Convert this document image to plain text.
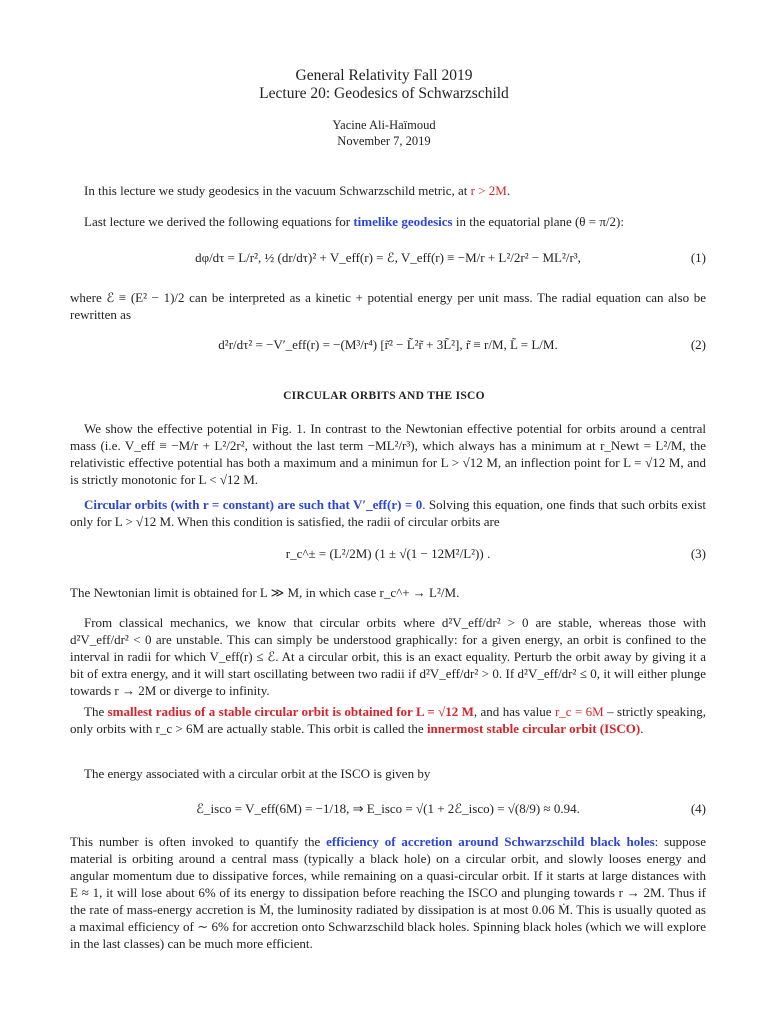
General Relativity Fall 2019

Lecture 20: Geodesics of Schwarzschild

Yacine Ali-Haïmoud

November 7, 2019

In this lecture we study geodesics in the vacuum Schwarzschild metric, at r > 2M.

Last lecture we derived the following equations for timelike geodesics in the equatorial plane (θ = π/2):

dφ/dτ = L/r², ½ (dr/dτ)² + V_eff(r) = ℰ, V_eff(r) ≡ −M/r + L²/2r² − ML²/r³,	(1)

where ℰ ≡ (E² − 1)/2 can be interpreted as a kinetic + potential energy per unit mass. The radial equation can also be rewritten as

d²r/dτ² = −V′_eff(r) = −(M³/r⁴) [r̃² − L̃²r̃ + 3L̃²], r̃ ≡ r/M, L̃ = L/M.	(2)

CIRCULAR ORBITS AND THE ISCO

We show the effective potential in Fig. 1. In contrast to the Newtonian effective potential for orbits around a central mass (i.e. V_eff ≡ −M/r + L²/2r², without the last term −ML²/r³), which always has a minimum at r_Newt = L²/M, the relativistic effective potential has both a maximum and a minimun for L > √12 M, an inflection point for L = √12 M, and is strictly monotonic for L < √12 M.

Circular orbits (with r = constant) are such that V′_eff(r) = 0. Solving this equation, one finds that such orbits exist only for L > √12 M. When this condition is satisfied, the radii of circular orbits are

r_c^± = (L²/2M) (1 ± √(1 − 12M²/L²)) .	(3)

The Newtonian limit is obtained for L ≫ M, in which case r_c^+ → L²/M.

From classical mechanics, we know that circular orbits where d²V_eff/dr² > 0 are stable, whereas those with d²V_eff/dr² < 0 are unstable. This can simply be understood graphically: for a given energy, an orbit is confined to the interval in radii for which V_eff(r) ≤ ℰ. At a circular orbit, this is an exact equality. Perturb the orbit away by giving it a bit of extra energy, and it will start oscillating between two radii if d²V_eff/dr² > 0. If d²V_eff/dr² ≤ 0, it will either plunge towards r → 2M or diverge to infinity.

The smallest radius of a stable circular orbit is obtained for L = √12 M, and has value r_c = 6M – strictly speaking, only orbits with r_c > 6M are actually stable. This orbit is called the innermost stable circular orbit (ISCO).

The energy associated with a circular orbit at the ISCO is given by

ℰ_isco = V_eff(6M) = −1/18, ⇒ E_isco = √(1 + 2ℰ_isco) = √(8/9) ≈ 0.94.	(4)

This number is often invoked to quantify the efficiency of accretion around Schwarzschild black holes: suppose material is orbiting around a central mass (typically a black hole) on a circular orbit, and slowly looses energy and angular momentum due to dissipative forces, while remaining on a quasi-circular orbit. If it starts at large distances with E ≈ 1, it will lose about 6% of its energy to dissipation before reaching the ISCO and plunging towards r → 2M. Thus if the rate of mass-energy accretion is Ṁ, the luminosity radiated by dissipation is at most 0.06 Ṁ. This is usually quoted as a maximal efficiency of ∼ 6% for accretion onto Schwarzschild black holes. Spinning black holes (which we will explore in the last classes) can be much more efficient.
